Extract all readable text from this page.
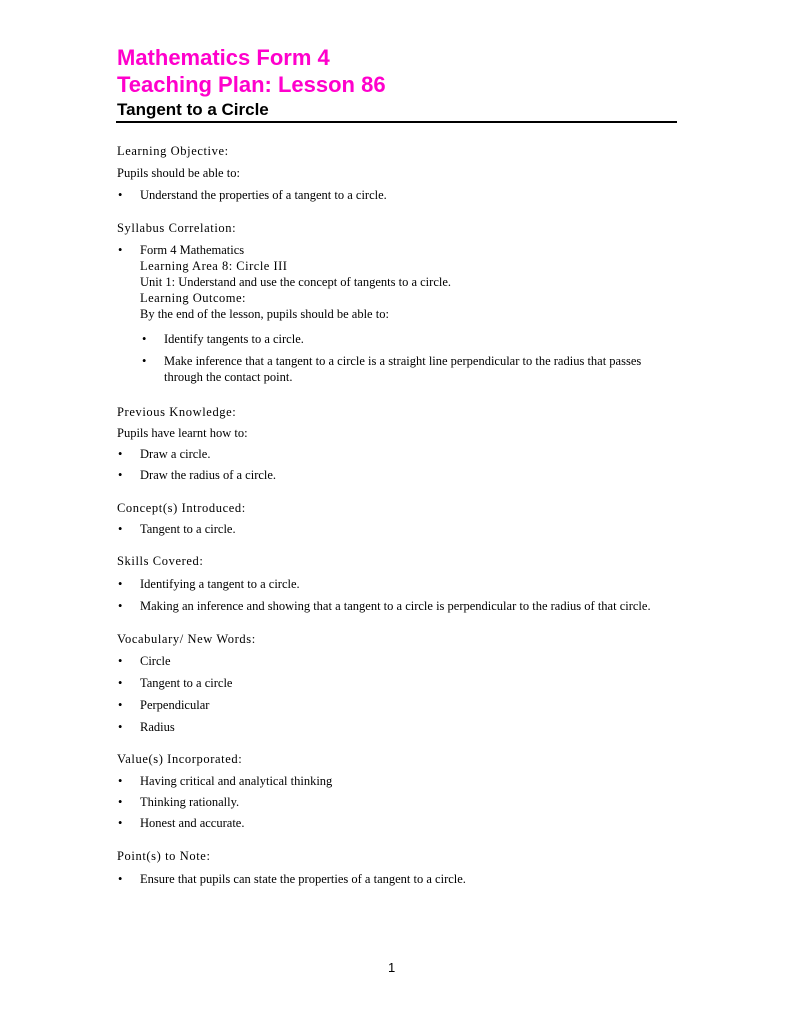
Mathematics Form 4
Teaching Plan: Lesson 86
Tangent to a Circle

Learning Objective:

Pupils should be able to:

• Understand the properties of a tangent to a circle.

Syllabus Correlation:

• Form 4 Mathematics
Learning Area 8: Circle III
Unit 1: Understand and use the concept of tangents to a circle.
Learning Outcome:
By the end of the lesson, pupils should be able to:
• Identify tangents to a circle.
• Make inference that a tangent to a circle is a straight line perpendicular to the radius that passes through the contact point.

Previous Knowledge:

Pupils have learnt how to:

• Draw a circle.
• Draw the radius of a circle.

Concept(s) Introduced:

• Tangent to a circle.

Skills Covered:

• Identifying a tangent to a circle.
• Making an inference and showing that a tangent to a circle is perpendicular to the radius of that circle.

Vocabulary/ New Words:

• Circle
• Tangent to a circle
• Perpendicular
• Radius

Value(s) Incorporated:

• Having critical and analytical thinking
• Thinking rationally.
• Honest and accurate.

Point(s) to Note:

• Ensure that pupils can state the properties of a tangent to a circle.
1
